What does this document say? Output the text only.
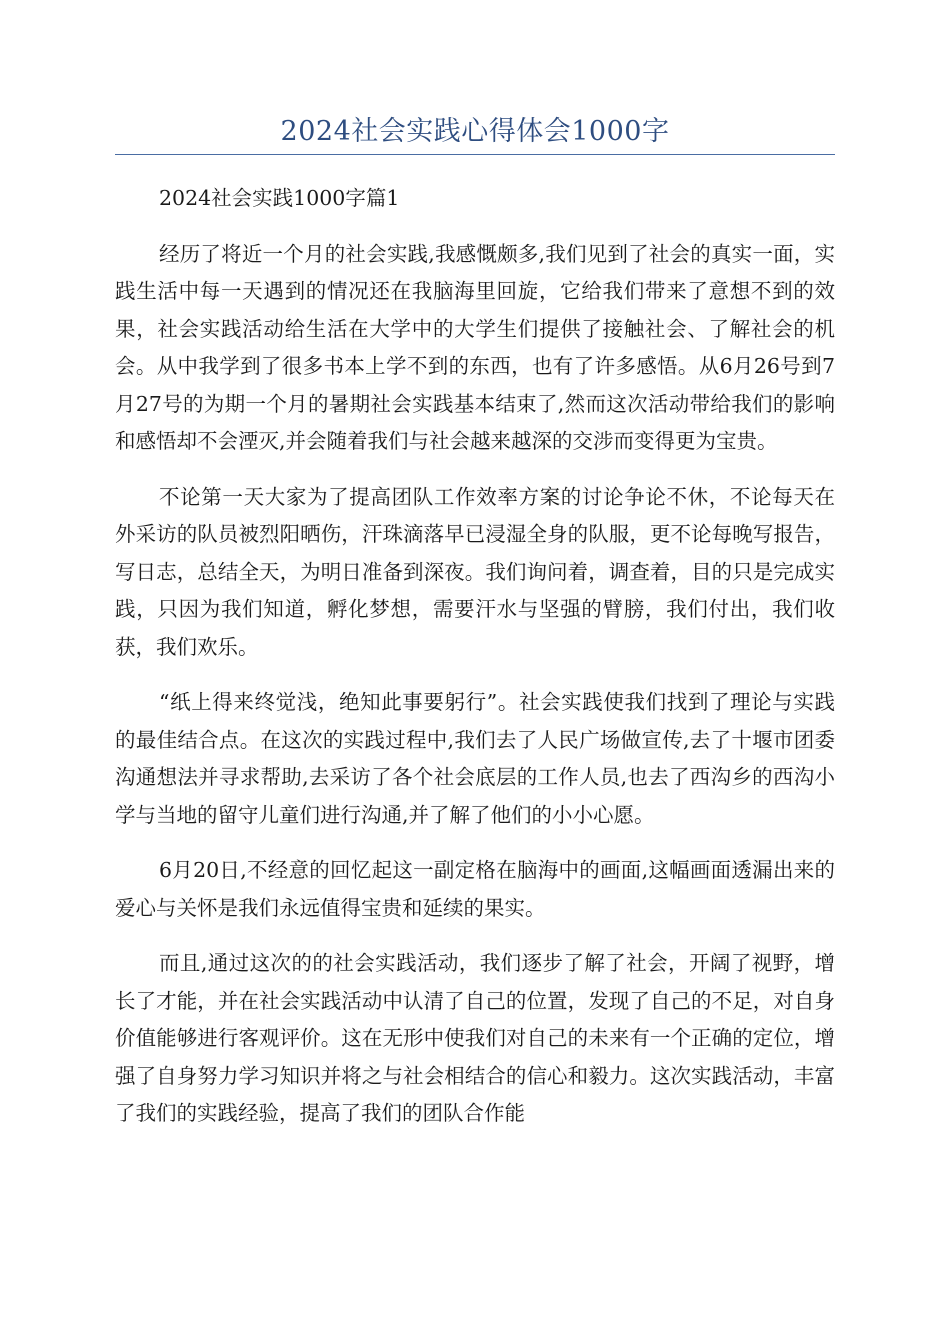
2024社会实践心得体会1000字

2024社会实践1000字篇1

经历了将近一个月的社会实践,我感慨颇多,我们见到了社会的真实一面，实践生活中每一天遇到的情况还在我脑海里回旋，它给我们带来了意想不到的效果，社会实践活动给生活在大学中的大学生们提供了接触社会、了解社会的机会。从中我学到了很多书本上学不到的东西，也有了许多感悟。从6月26号到7月27号的为期一个月的暑期社会实践基本结束了,然而这次活动带给我们的影响和感悟却不会湮灭,并会随着我们与社会越来越深的交涉而变得更为宝贵。

不论第一天大家为了提高团队工作效率方案的讨论争论不休，不论每天在外采访的队员被烈阳晒伤，汗珠滴落早已浸湿全身的队服，更不论每晚写报告，写日志，总结全天，为明日准备到深夜。我们询问着，调查着，目的只是完成实践，只因为我们知道，孵化梦想，需要汗水与坚强的臂膀，我们付出，我们收获，我们欢乐。

“纸上得来终觉浅，绝知此事要躬行”。社会实践使我们找到了理论与实践的最佳结合点。在这次的实践过程中,我们去了人民广场做宣传,去了十堰市团委沟通想法并寻求帮助,去采访了各个社会底层的工作人员,也去了西沟乡的西沟小学与当地的留守儿童们进行沟通,并了解了他们的小小心愿。

6月20日,不经意的回忆起这一副定格在脑海中的画面,这幅画面透漏出来的爱心与关怀是我们永远值得宝贵和延续的果实。

而且,通过这次的的社会实践活动，我们逐步了解了社会，开阔了视野，增长了才能，并在社会实践活动中认清了自己的位置，发现了自己的不足，对自身价值能够进行客观评价。这在无形中使我们对自己的未来有一个正确的定位，增强了自身努力学习知识并将之与社会相结合的信心和毅力。这次实践活动，丰富了我们的实践经验，提高了我们的团队合作能
